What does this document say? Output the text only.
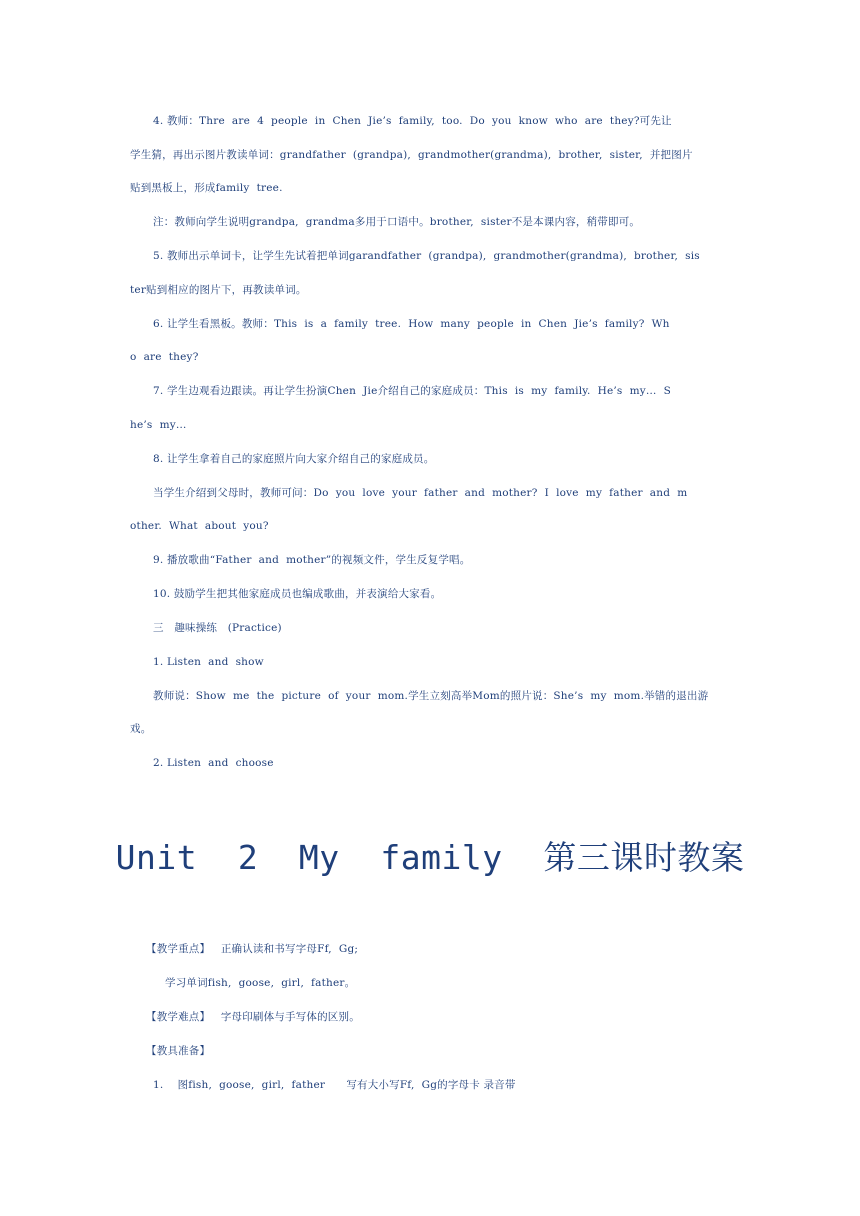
4. 教师：Thre  are  4  people  in  Chen  Jie’s  family,  too.  Do  you  know  who  are  they?可先让
学生猜，再出示图片教读单词：grandfather  (grandpa),  grandmother(grandma),  brother,  sister,  并把图片
贴到黑板上，形成family  tree.
注：教师向学生说明grandpa,  grandma多用于口语中。brother,  sister不是本课内容，稍带即可。
5. 教师出示单词卡，让学生先试着把单词garandfather  (grandpa),  grandmother(grandma),  brother,  sis
ter贴到相应的图片下，再教读单词。
6. 让学生看黑板。教师：This  is  a  family  tree.  How  many  people  in  Chen  Jie’s  family?  Wh
o  are  they?
7. 学生边观看边跟读。再让学生扮演Chen  Jie介绍自己的家庭成员：This  is  my  family.  He’s  my…  S
he’s  my…
8. 让学生拿着自己的家庭照片向大家介绍自己的家庭成员。
当学生介绍到父母时，教师可问：Do  you  love  your  father  and  mother?  I  love  my  father  and  m
other.  What  about  you?
9. 播放歌曲“Father  and  mother”的视频文件，学生反复学唱。
10. 鼓励学生把其他家庭成员也编成歌曲，并表演给大家看。
三   趣味操练   (Practice)
1. Listen  and  show
教师说：Show  me  the  picture  of  your  mom.学生立刻高举Mom的照片说：She’s  my  mom.举错的退出游
戏。
2. Listen  and  choose
Unit  2  My  family  第三课时教案
【教学重点】   正确认读和书写字母Ff,  Gg;
学习单词fish,  goose,  girl,  father。
【教学难点】   字母印刷体与手写体的区别。
【教具准备】
1.    图fish,  goose,  girl,  father      写有大小写Ff,  Gg的字母卡 录音带
